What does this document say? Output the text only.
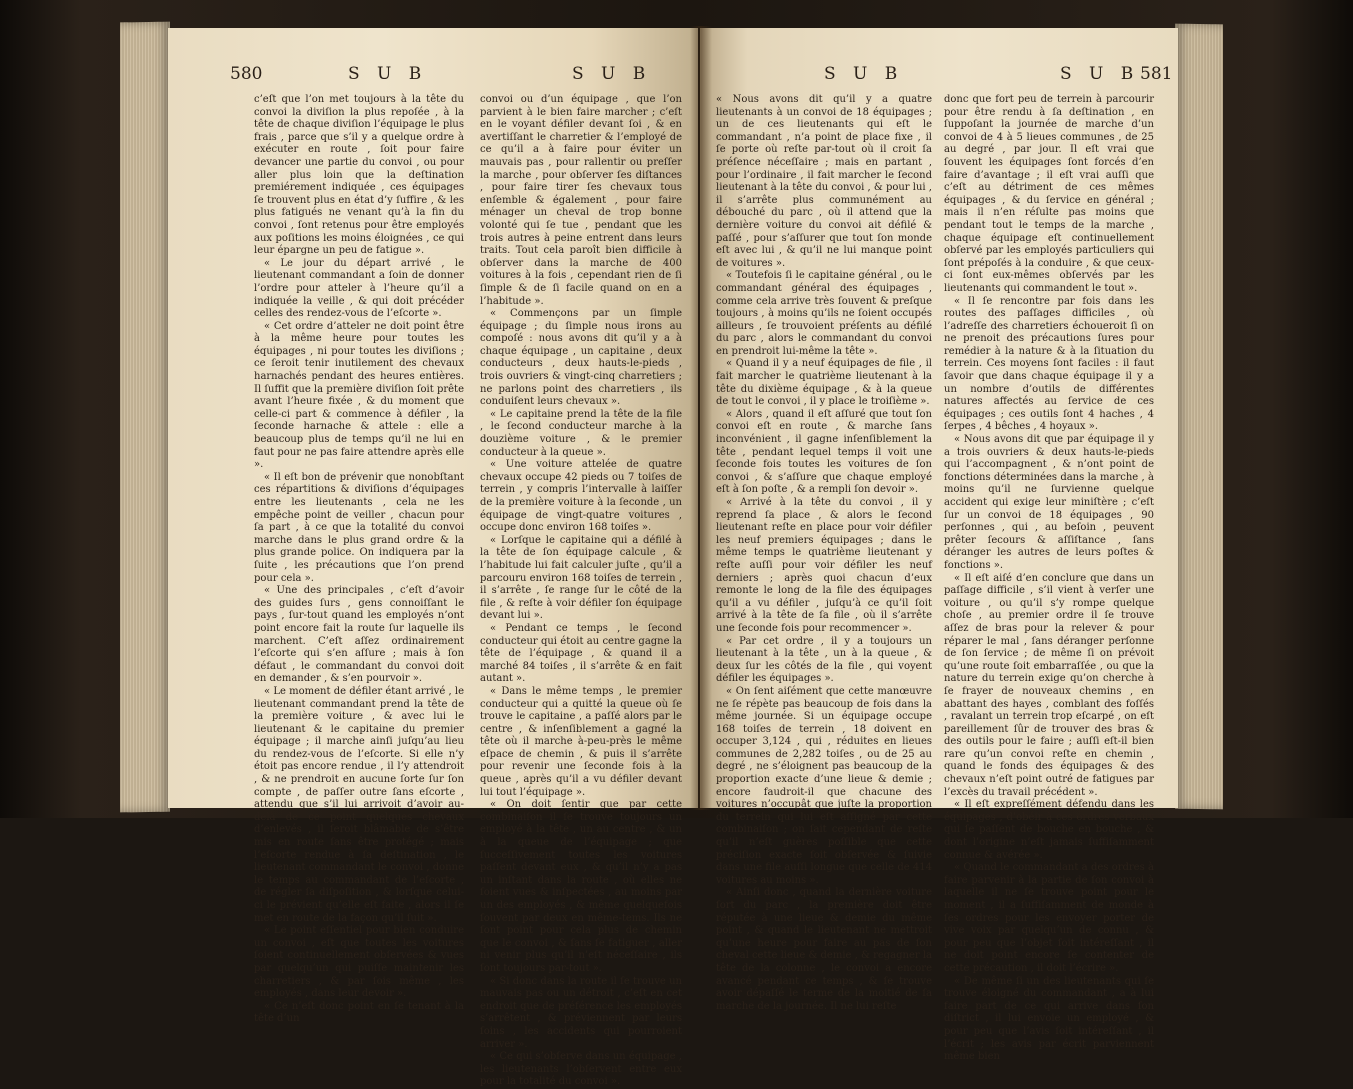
580	S U B	S U B

c’eſt que l’on met toujours à la tête du convoi la diviſion la plus repoſée , à la tête de chaque diviſion l’équipage le plus frais , parce que s’il y a quelque ordre à exécuter en route , ſoit pour faire devancer une partie du convoi , ou pour aller plus loin que la deſtination premiérement indiquée , ces équipages ſe trouvent plus en état d’y ſuffire , & les plus fatigués ne venant qu’à la fin du convoi , ſont retenus pour être employés aux poſitions les moins éloignées , ce qui leur épargne un peu de fatigue ».

« Le jour du départ arrivé , le lieutenant commandant a ſoin de donner l’ordre pour atteler à l’heure qu’il a indiquée la veille , & qui doit précéder celles des rendez-vous de l’eſcorte ».

« Cet ordre d’atteler ne doit point être à la même heure pour toutes les équipages , ni pour toutes les diviſions ; ce ſeroit tenir inutilement des chevaux harnachés pendant des heures entières. Il ſuffit que la première diviſion ſoit prête avant l’heure fixée , & du moment que celle-ci part & commence à défiler , la ſeconde harnache & attele : elle a beaucoup plus de temps qu’il ne lui en faut pour ne pas faire attendre après elle ».

« Il eſt bon de prévenir que nonobſtant ces répartitions & diviſions d’équipages entre les lieutenants , cela ne les empêche point de veiller , chacun pour ſa part , à ce que la totalité du convoi marche dans le plus grand ordre & la plus grande police. On indiquera par la ſuite , les précautions que l’on prend pour cela ».

« Une des principales , c’eſt d’avoir des guides ſurs , gens connoiſſant le pays , ſur-tout quand les employés n’ont point encore fait la route ſur laquelle ils marchent. C’eſt aſſez ordinairement l’eſcorte qui s’en aſſure ; mais à ſon défaut , le commandant du convoi doit en demander , & s’en pourvoir ».

« Le moment de défiler étant arrivé , le lieutenant commandant prend la tête de la première voiture , & avec lui le lieutenant & le capitaine du premier équipage ; il marche ainſi juſqu’au lieu du rendez-vous de l’eſcorte. Si elle n’y étoit pas encore rendue , il l’y attendroit , & ne prendroit en aucune ſorte ſur ſon compte , de paſſer outre ſans eſcorte , attendu que s’il lui arrivoit d’avoir au-delà de ce point quelques chevaux d’enlevés , il ſeroit blâmable de s’être mis en route ſans être protégé ; mais l’eſcorte rendue à ſa deſtination , le lieutenant commandant le convoi , donne le temps au commandant de l’eſcorte , de régler ſa diſpoſition , & lorſque celui-ci le prévient qu’elle eſt faite , alors il ſe met en route de la façon qu’il ſuit ».

« Le point eſſentiel pour bien conduire un convoi , eſt que toutes les voitures ſoient continuellement obſervées & vues par quelqu’un qui puiſſe maintenir les charretiers , & par ſois même , les employés , dans leur devoir ».

« Ce n’eſt donc point en ſe tenant à la tête d’un

convoi ou d’un équipage , que l’on parvient à le bien faire marcher ; c’eſt en le voyant défiler devant ſoi , & en avertiſſant le charretier & l’employé de ce qu’il a à faire pour éviter un mauvais pas , pour rallentir ou preſſer la marche , pour obſerver ſes diſtances , pour faire tirer ſes chevaux tous enſemble & également , pour faire ménager un cheval de trop bonne volonté qui ſe tue , pendant que les trois autres à peine entrent dans leurs traits. Tout cela paroît bien difficile à obſerver dans la marche de 400 voitures à la fois , cependant rien de ſi ſimple & de ſi facile quand on en a l’habitude ».

« Commençons par un ſimple équipage ; du ſimple nous irons au compoſé : nous avons dit qu’il y a à chaque équipage , un capitaine , deux conducteurs , deux hauts-le-pieds , trois ouvriers & vingt-cinq charretiers ; ne parlons point des charretiers , ils conduiſent leurs chevaux ».

« Le capitaine prend la tête de la file , le ſecond conducteur marche à la douzième voiture , & le premier conducteur à la queue ».

« Une voiture attelée de quatre chevaux occupe 42 pieds ou 7 toiſes de terrein , y compris l’intervalle à laiſſer de la première voiture à la ſeconde , un équipage de vingt-quatre voitures , occupe donc environ 168 toiſes ».

« Lorſque le capitaine qui a défilé à la tête de ſon équipage calcule , & l’habitude lui fait calculer juſte , qu’il a parcouru environ 168 toiſes de terrein , il s’arrête , ſe range ſur le côté de la file , & reſte à voir défiler ſon équipage devant lui ».

« Pendant ce temps , le ſecond conducteur qui étoit au centre gagne la tête de l’équipage , & quand il a marché 84 toiſes , il s’arrête & en fait autant ».

« Dans le même temps , le premier conducteur qui a quitté la queue où ſe trouve le capitaine , a paſſé alors par le centre , & inſenſiblement a gagné la tête où il marche à-peu-près le même eſpace de chemin , & puis il s’arrête pour revenir une ſeconde fois à la queue , après qu’il a vu défiler devant lui tout l’équipage ».

« On doit ſentir que par cette combinaiſon il ſe trouve toujours un employé à la tête , un au centre , & un à la queue de l’équipage ; que ſucceſſivement toutes les voitures paſſent devant eux , & qu’il n’y a pas un inſtant dans la route , où elles ne ſoient vues & inſpectées , au moins par un des employés , & même quelquefois ſouvent par deux en même-tems. Ils ne ſont point pour cela plus de chemin que le convoi , & ſans ſe fatiguer , aller ni venir plus qu’il n’eſt néceſſaire , ils ſont toujours par-tout ».

« Si donc dans la route il ſe trouve un mauvais pas ou un détroit , c’eſt en cet endroit que de préférence les employés s’arrêtent , & préviennent par leurs ſoins , les accidents qui pourroient arriver ».

« Ce qui s’obſerve dans un équipage , les lieutenants l’obſervent entre eux pour la totalité du convoi ».

S U B	S U B 581

« Nous avons dit qu’il y a quatre lieutenants à un convoi de 18 équipages ; un de ces lieutenants qui eſt le commandant , n’a point de place fixe , il ſe porte où reſte par-tout où il croit ſa préſence néceſſaire ; mais en partant , pour l’ordinaire , il fait marcher le ſecond lieutenant à la tête du convoi , & pour lui , il s’arrête plus communément au débouché du parc , où il attend que la dernière voiture du convoi ait défilé & paſſé , pour s’aſſurer que tout ſon monde eſt avec lui , & qu’il ne lui manque point de voitures ».

« Toutefois ſi le capitaine général , ou le commandant général des équipages , comme cela arrive très ſouvent & preſque toujours , à moins qu’ils ne ſoient occupés ailleurs , ſe trouvoient préſents au défilé du parc , alors le commandant du convoi en prendroit lui-même la tête ».

« Quand il y a neuf équipages de file , il fait marcher le quatrième lieutenant à la tête du dixième équipage , & à la queue de tout le convoi , il y place le troiſième ».

« Alors , quand il eſt aſſuré que tout ſon convoi eſt en route , & marche ſans inconvénient , il gagne inſenſiblement la tête , pendant lequel temps il voit une ſeconde fois toutes les voitures de ſon convoi , & s’aſſure que chaque employé eſt à ſon poſte , & a rempli ſon devoir ».

« Arrivé à la tête du convoi , il y reprend ſa place , & alors le ſecond lieutenant reſte en place pour voir défiler les neuf premiers équipages ; dans le même temps le quatrième lieutenant y reſte auſſi pour voir défiler les neuf derniers ; après quoi chacun d’eux remonte le long de la file des équipages qu’il a vu défiler , juſqu’à ce qu’il ſoit arrivé à la tête de ſa file , où il s’arrête une ſeconde fois pour recommencer ».

« Par cet ordre , il y a toujours un lieutenant à la tête , un à la queue , & deux ſur les côtés de la file , qui voyent défiler les équipages ».

« On ſent aiſément que cette manœuvre ne ſe répète pas beaucoup de fois dans la même journée. Si un équipage occupe 168 toiſes de terrein , 18 doivent en occuper 3,124 , qui , réduites en lieues communes de 2,282 toiſes , ou de 25 au degré , ne s’éloignent pas beaucoup de la proportion exacte d’une lieue & demie ; encore faudroit-il que chacune des voitures n’occupât que juſte la proportion du terrein qui lui eſt aſſigné par cette combinaiſon ; on ſait cependant de reſte qu’il n’eſt guères poſſible que cette préciſion exacte ſoit obſervée & ſuivie dans une file auſſi longue que celle de 414 voitures au moins ».

« Ainſi donc , quand la dernière voiture ſort du parc , la première doit être réputée à une lieue & demie du même point , & quand le lieutenant ne mettroit qu’une heure pour faire au pas de ſon cheval cette lieue & demie , & regagner la tête de la colonne , le convoi a encore avancé pendant ce temps , & ſe trouve avoir dépaſſé le terme de la moitié de ſa marche de la journée. Il ne lui reſte

donc que fort peu de terrein à parcourir pour être rendu à ſa deſtination , en ſuppoſant la journée de marche d’un convoi de 4 à 5 lieues communes , de 25 au degré , par jour. Il eſt vrai que ſouvent les équipages ſont forcés d’en faire d’avantage ; il eſt vrai auſſi que c’eſt au détriment de ces mêmes équipages , & du ſervice en général ; mais il n’en réſulte pas moins que pendant tout le temps de la marche , chaque équipage eſt continuellement obſervé par les employés particuliers qui ſont prépoſés à la conduire , & que ceux-ci ſont eux-mêmes obſervés par les lieutenants qui commandent le tout ».

« Il ſe rencontre par fois dans les routes des paſſages difficiles , où l’adreſſe des charretiers échoueroit ſi on ne prenoit des précautions ſures pour remédier à la nature & à la ſituation du terrein. Ces moyens ſont faciles : il faut ſavoir que dans chaque équipage il y a un nombre d’outils de différentes natures affectés au ſervice de ces équipages ; ces outils ſont 4 haches , 4 ſerpes , 4 bêches , 4 hoyaux ».

« Nous avons dit que par équipage il y a trois ouvriers & deux hauts-le-pieds qui l’accompagnent , & n’ont point de fonctions déterminées dans la marche , à moins qu’il ne ſurvienne quelque accident qui exige leur miniſtère ; c’eſt ſur un convoi de 18 équipages , 90 perſonnes , qui , au beſoin , peuvent prêter ſecours & aſſiſtance , ſans déranger les autres de leurs poſtes & fonctions ».

« Il eſt aiſé d’en conclure que dans un paſſage difficile , s’il vient à verſer une voiture , ou qu’il s’y rompe quelque choſe , au premier ordre il ſe trouve aſſez de bras pour la relever & pour réparer le mal , ſans déranger perſonne de ſon ſervice ; de même ſi on prévoit qu’une route ſoit embarraſſée , ou que la nature du terrein exige qu’on cherche à ſe frayer de nouveaux chemins , en abattant des hayes , comblant des foſſés , ravalant un terrein trop eſcarpé , on eſt pareillement ſûr de trouver des bras & des outils pour le faire ; auſſi eſt-il bien rare qu’un convoi reſte en chemin , quand le fonds des équipages & des chevaux n’eſt point outré de fatigues par l’excès du travail précédent ».

« Il eſt expreſſément défendu dans les équipages , d’obéir à ces ordres verbaux qui ſe paſſent de bouche en bouche , & dont l’origine n’eſt jamais ſuffiſamment connue & avérée ».

« Quand le commandant a des ordres à faire parvenir à la partie de ſon convoi à laquelle il ne ſe trouve point pour le moment , il a ſuffiſamment de monde à ſes ordres pour les envoyer porter de vive voix par quelqu’un de connu , & pour peu que l’objet ſoit intéreſſant , il ne doit point encore ſe contenter de cette précaution , il doit l’écrire ».

« De même ſi un des lieutenants qui ſe trouve éloigné du commandant , a à lui faire part de ce qui arrive dans ſon diſtrict , il lui envoie un employé , & pour peu que l’avis ſoit intéreſſant , il l’écrit ; les avis par écrit parviennent même bien
